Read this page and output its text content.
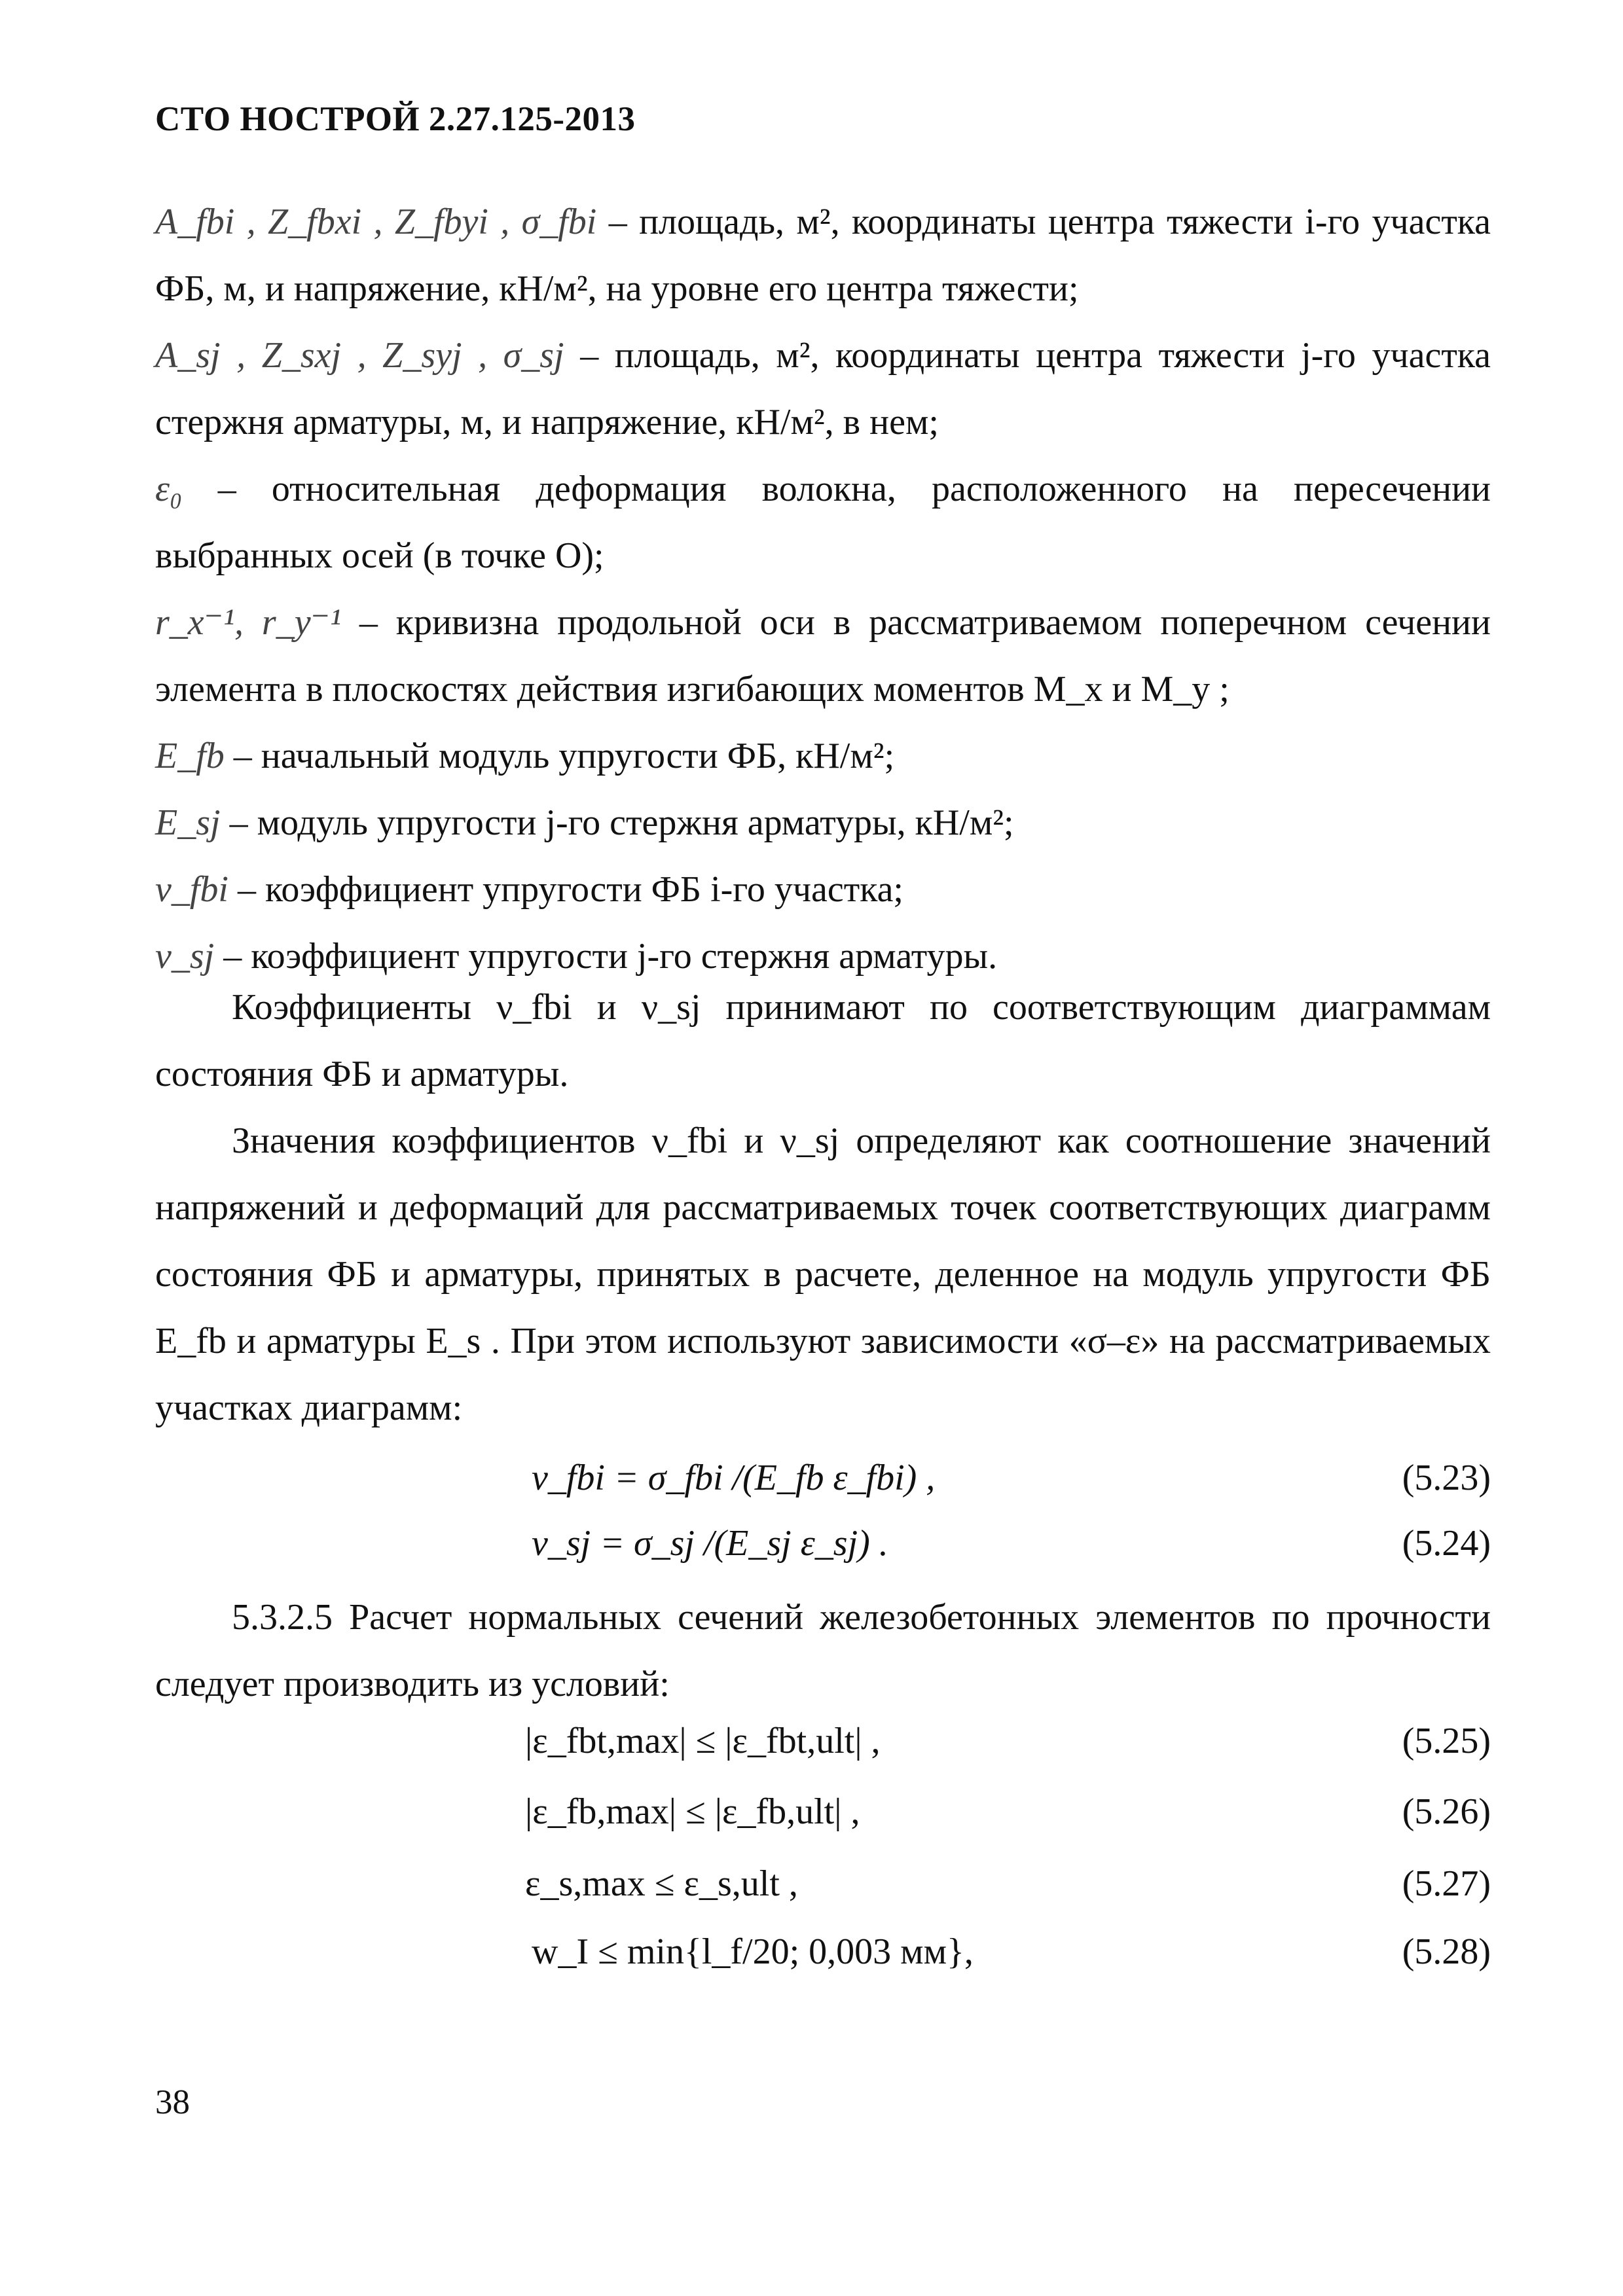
СТО НОСТРОЙ 2.27.125-2013

A_fbi , Z_fbxi , Z_fbyi , σ_fbi – площадь, м², координаты центра тяжести i-го участка ФБ, м, и напряжение, кН/м², на уровне его центра тяжести;

A_sj , Z_sxj , Z_syj , σ_sj – площадь, м², координаты центра тяжести j-го участка стержня арматуры, м, и напряжение, кН/м², в нем;

ε₀ – относительная деформация волокна, расположенного на пересечении выбранных осей (в точке O);

r_x⁻¹, r_y⁻¹ – кривизна продольной оси в рассматриваемом поперечном сечении элемента в плоскостях действия изгибающих моментов M_x и M_y ;

E_fb – начальный модуль упругости ФБ, кН/м²;

E_sj – модуль упругости j-го стержня арматуры, кН/м²;

ν_fbi – коэффициент упругости ФБ i-го участка;

ν_sj – коэффициент упругости j-го стержня арматуры.

Коэффициенты ν_fbi и ν_sj принимают по соответствующим диаграммам состояния ФБ и арматуры.

Значения коэффициентов ν_fbi и ν_sj определяют как соотношение значений напряжений и деформаций для рассматриваемых точек соответствующих диаграмм состояния ФБ и арматуры, принятых в расчете, деленное на модуль упругости ФБ E_fb и арматуры E_s . При этом используют зависимости «σ–ε» на рассматриваемых участках диаграмм:

ν_fbi = σ_fbi /(E_fb ε_fbi) ,	(5.23)
ν_sj = σ_sj /(E_sj ε_sj) .	(5.24)

5.3.2.5 Расчет нормальных сечений железобетонных элементов по прочности следует производить из условий:

|ε_fbt,max| ≤ |ε_fbt,ult| ,	(5.25)
|ε_fb,max| ≤ |ε_fb,ult| ,	(5.26)
ε_s,max ≤ ε_s,ult ,	(5.27)
w_I ≤ min{l_f/20; 0,003 мм},	(5.28)
38
